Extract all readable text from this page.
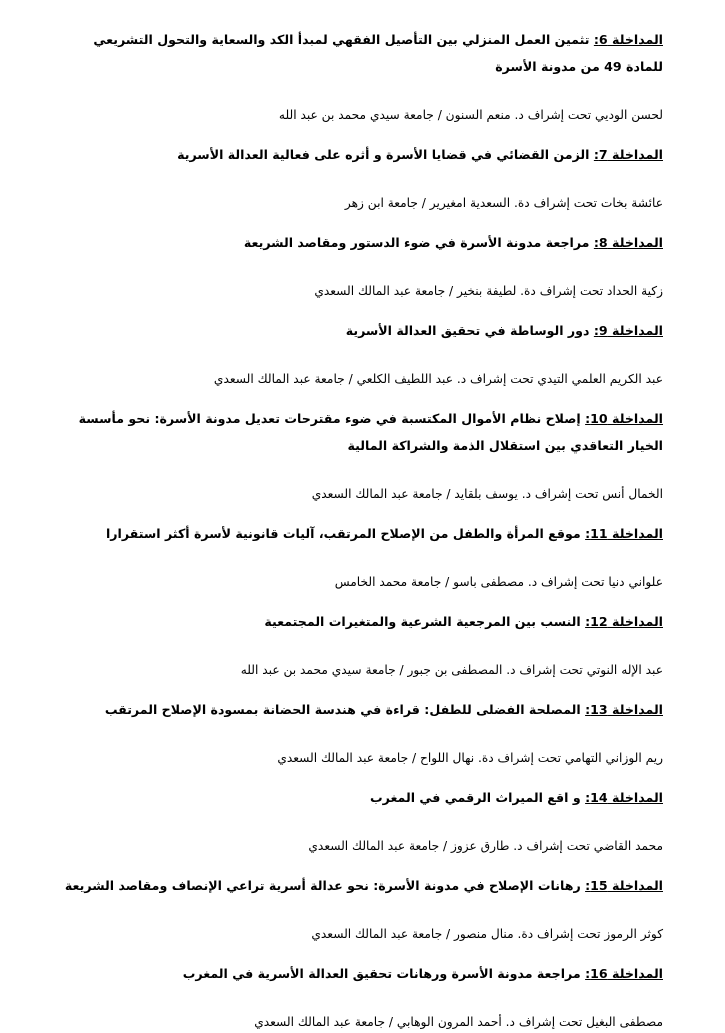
المداخلة 6: تثمين العمل المنزلي بين التأصيل الفقهي لمبدأ الكد والسعاية والتحول التشريعي للمادة 49 من مدونة الأسرة

لحسن الوديي تحت إشراف د. منعم السنون / جامعة سيدي محمد بن عبد الله

المداخلة 7: الزمن القضائي في قضايا الأسرة و أثره على فعالية العدالة الأسرية

عائشة بخات تحت إشراف دة. السعدية امغيرير / جامعة ابن زهر

المداخلة 8: مراجعة مدونة الأسرة في ضوء الدستور ومقاصد الشريعة

زكية الحداد تحت إشراف دة. لطيفة بنخير / جامعة عبد المالك السعدي

المداخلة 9: دور الوساطة في تحقيق العدالة الأسرية

عبد الكريم العلمي التيدي تحت إشراف د. عبد اللطيف الكلعي / جامعة عبد المالك السعدي

المداخلة 10: إصلاح نظام الأموال المكتسبة في ضوء مقترحات تعديل مدونة الأسرة: نحو مأسسة الخيار التعاقدي بين استقلال الذمة والشراكة المالية

الخمال أنس تحت إشراف د. يوسف بلقايد / جامعة عبد المالك السعدي

المداخلة 11: موقع المرأة والطفل من الإصلاح المرتقب، آليات قانونية لأسرة أكثر استقرارا

علواني دنيا تحت إشراف د. مصطفى باسو / جامعة محمد الخامس

المداخلة 12: النسب بين المرجعية الشرعية والمتغيرات المجتمعية

عبد الإله النوتي تحت إشراف د. المصطفى بن جبور / جامعة سيدي محمد بن عبد الله

المداخلة 13: المصلحة الفضلى للطفل: قراءة في هندسة الحضانة بمسودة الإصلاح المرتقب

ريم الوزاني التهامي تحت إشراف دة. نهال اللواح / جامعة عبد المالك السعدي

المداخلة 14: و اقع الميراث الرقمي في المغرب

محمد القاضي تحت إشراف د. طارق عزوز / جامعة عبد المالك السعدي

المداخلة 15: رهانات الإصلاح في مدونة الأسرة: نحو عدالة أسرية تراعي الإنصاف ومقاصد الشريعة

كوثر الرموز تحت إشراف دة. منال منصور / جامعة عبد المالك السعدي

المداخلة 16: مراجعة مدونة الأسرة ورهانات تحقيق العدالة الأسرية في المغرب

مصطفى البغيل تحت إشراف د. أحمد المرون الوهابي / جامعة عبد المالك السعدي
